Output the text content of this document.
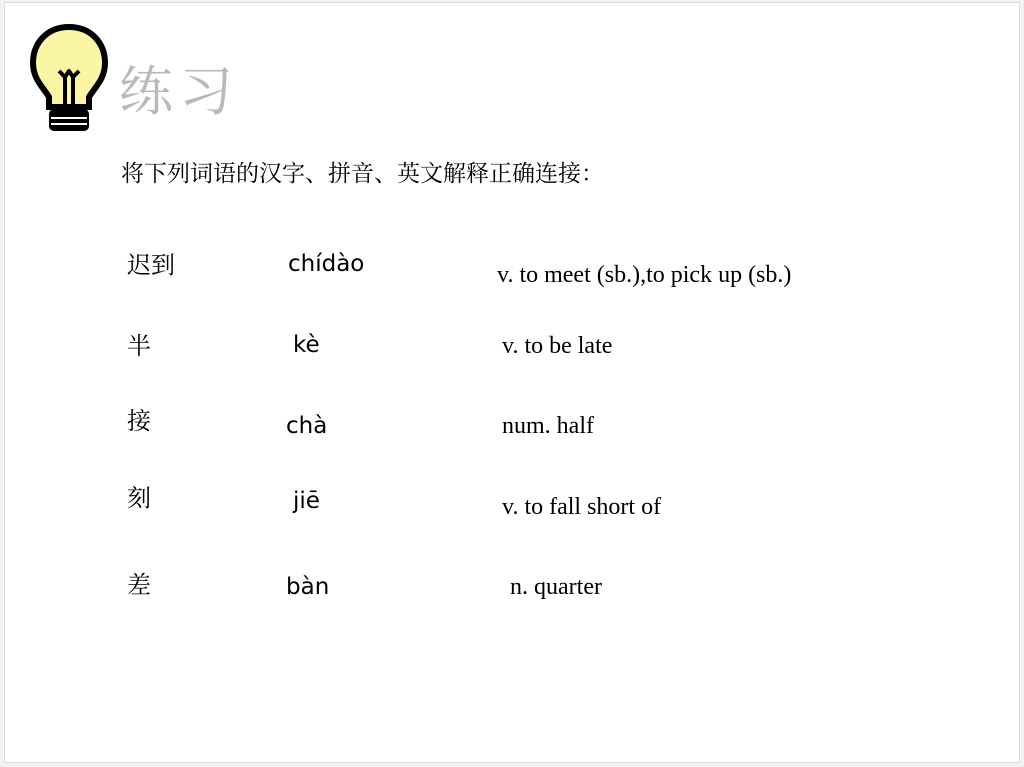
练习
将下列词语的汉字、拼音、英文解释正确连接：
迟到
半
接
刻
差
chídào
kè
chà
jiē
bàn
v. to meet (sb.),to pick up (sb.)
v. to be late
num. half
v. to fall short of
n. quarter
